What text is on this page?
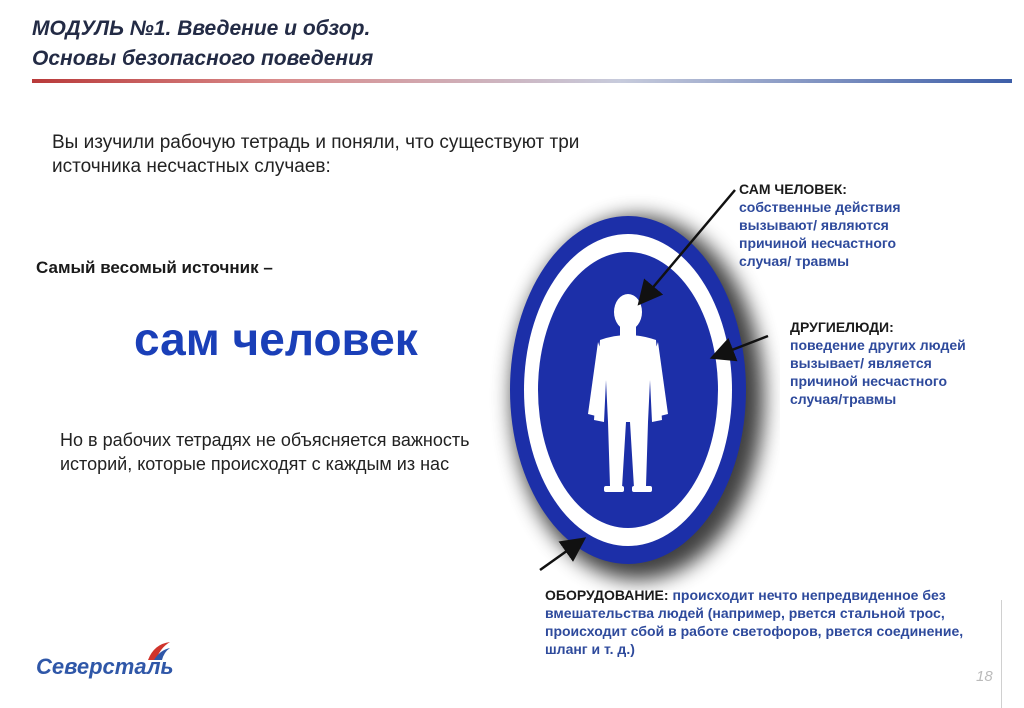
МОДУЛЬ №1. Введение и обзор.
Основы безопасного поведения
Вы изучили рабочую тетрадь и поняли, что существуют три источника несчастных случаев:
Самый весомый источник –
сам человек
Но в рабочих тетрадях не объясняется важность историй, которые происходят с каждым из нас
САМ ЧЕЛОВЕК:
собственные действия вызывают/ являются причиной несчастного случая/ травмы
ДРУГИЕЛЮДИ:
поведение других людей вызывает/ является причиной несчастного случая/травмы
ОБОРУДОВАНИЕ: происходит нечто непредвиденное без вмешательства людей (например, рвется стальной трос, происходит сбой в работе светофоров, рвется соединение, шланг и т. д.)
Северсталь	18
